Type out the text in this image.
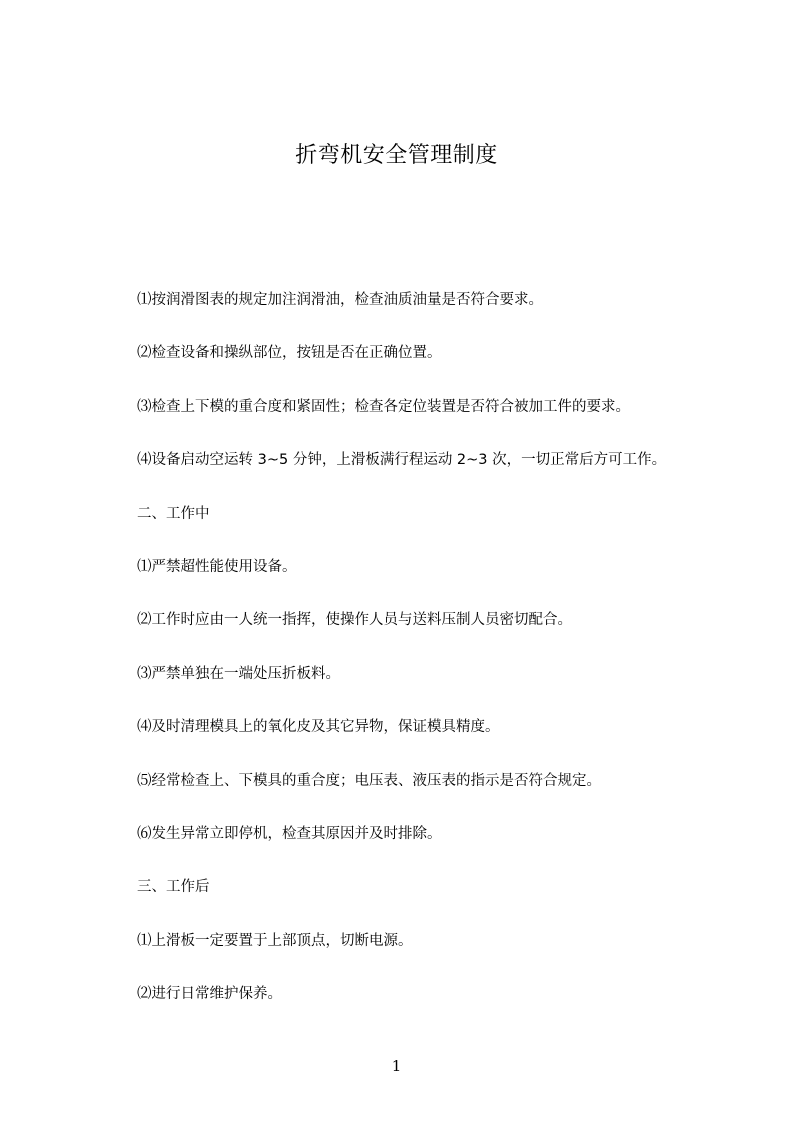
折弯机安全管理制度
⑴按润滑图表的规定加注润滑油，检查油质油量是否符合要求。
⑵检查设备和操纵部位，按钮是否在正确位置。
⑶检查上下模的重合度和紧固性；检查各定位装置是否符合被加工件的要求。
⑷设备启动空运转 3~5 分钟，上滑板满行程运动 2~3 次，一切正常后方可工作。
二、工作中
⑴严禁超性能使用设备。
⑵工作时应由一人统一指挥，使操作人员与送料压制人员密切配合。
⑶严禁单独在一端处压折板料。
⑷及时清理模具上的氧化皮及其它异物，保证模具精度。
⑸经常检查上、下模具的重合度；电压表、液压表的指示是否符合规定。
⑹发生异常立即停机，检查其原因并及时排除。
三、工作后
⑴上滑板一定要置于上部顶点，切断电源。
⑵进行日常维护保养。
1
